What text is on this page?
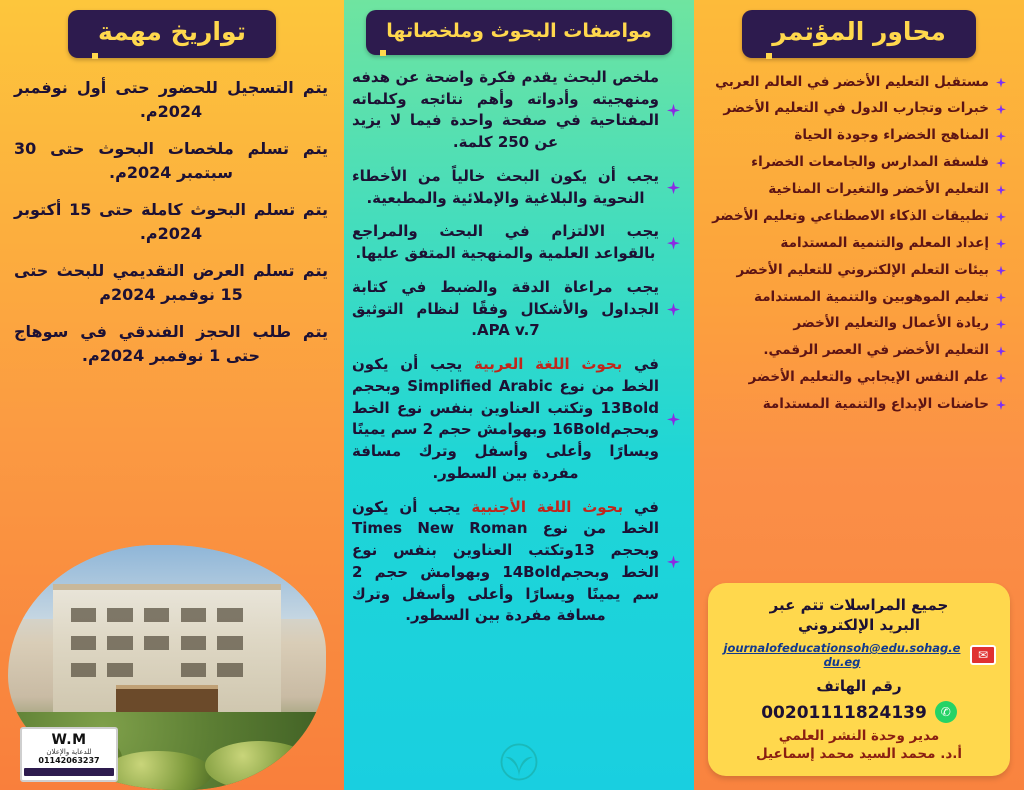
محاور المؤتمر
مستقبل التعليم الأخضر في العالم العربي
خبرات وتجارب الدول في التعليم الأخضر
المناهج الخضراء وجودة الحياة
فلسفة المدارس والجامعات الخضراء
التعليم الأخضر والتغيرات المناخية
تطبيقات الذكاء الاصطناعي وتعليم الأخضر
إعداد المعلم والتنمية المستدامة
بيئات التعلم الإلكتروني للتعليم الأخضر
تعليم الموهوبين والتنمية المستدامة
ريادة الأعمال والتعليم الأخضر
التعليم الأخضر في العصر الرقمي.
علم النفس الإيجابي والتعليم الأخضر
حاضنات الإبداع والتنمية المستدامة
جميع المراسلات تتم عبر
البريد الإلكتروني
✉
journalofeducationsoh@edu.sohag.edu.eg
رقم الهاتف
✆
00201111824139
مدير وحدة النشر العلمي
أ.د. محمد السيد محمد إسماعيل
مواصفات البحوث وملخصاتها
ملخص البحث يقدم فكرة واضحة عن هدفه ومنهجيته وأدواته وأهم نتائجه وكلماته المفتاحية في صفحة واحدة فيما لا يزيد عن 250 كلمة.
يجب أن يكون البحث خالياً من الأخطاء النحوية والبلاغية والإملائية والمطبعية.
يجب الالتزام في البحث والمراجع بالقواعد العلمية والمنهجية المتفق عليها.
يجب مراعاة الدقة والضبط في كتابة الجداول والأشكال وفقًا لنظام التوثيق APA v.7.
في بحوث اللغة العربية يجب أن يكون الخط من نوع Simplified Arabic وبحجم 13Bold وتكتب العناوين بنفس نوع الخط وبحجم16Bold وبهوامش حجم 2 سم يمينًا ويسارًا وأعلى وأسفل وترك مسافة مفردة بين السطور.
في بحوث اللغة الأجنبية يجب أن يكون الخط من نوع Times New Roman وبحجم 13وتكتب العناوين بنفس نوع الخط وبحجم14Bold وبهوامش حجم 2 سم يمينًا ويسارًا وأعلى وأسفل وترك مسافة مفردة بين السطور.
تواريخ مهمة
يتم التسجيل للحضور حتى أول نوفمبر 2024م.
يتم تسلم ملخصات البحوث حتى 30 سبتمبر 2024م.
يتم تسلم البحوث كاملة حتى 15 أكتوبر 2024م.
يتم تسلم العرض التقديمي للبحث حتى 15 نوفمبر 2024م
يتم طلب الحجز الفندقي في سوهاج حتى 1 نوفمبر 2024م.
W.M
للدعاية والإعلان
01142063237
